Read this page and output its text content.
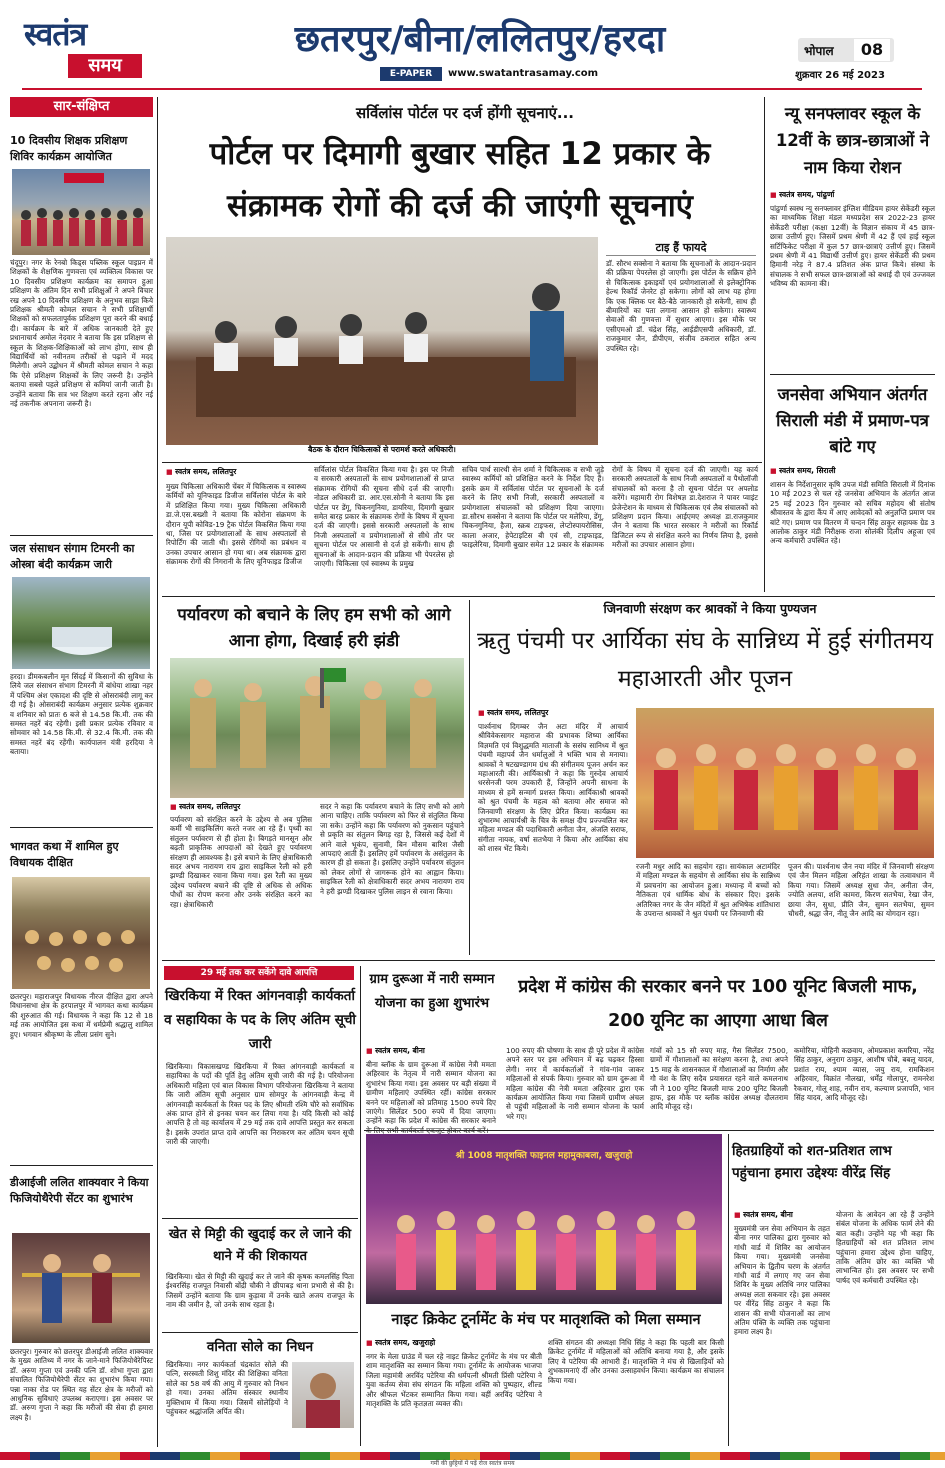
स्वतंत्र
समय
छतरपुर/बीना/ललितपुर/हरदा
E-PAPER	www.swatantrasamay.com
भोपाल	08
शुक्रवार 26 मई 2023
सार-संक्षिप्त
10 दिवसीय शिक्षक प्रशिक्षण शिविर कार्यक्रम आयोजित
चंदूपुर। नगर के रेनबो किड्स पब्लिक स्कूल पाइप्रन में शिक्षकों के शैक्षणिक गुणवत्ता एवं व्यक्तित्व विकास पर 10 दिवसीय प्रशिक्षण कार्यक्रम का समापन हुआ प्रशिक्षण के अंतिम दिन सभी प्रशिक्षुओं ने अपने विचार रख अपने 10 दिवसीय प्रशिक्षण के अनुभव साझा किये प्रशिक्षक श्रीमती कोमल सचान ने सभी प्रशिक्षार्थी शिक्षकों को सफलतापूर्वक प्रशिक्षण पूरा करने की बधाई दी। कार्यक्रम के बारे में अधिक जानकारी देते हुए प्रधानाचार्य अमोल नेदवार ने बताया कि इस प्रशिक्षण से स्कूल के शिक्षक-शिक्षिकाओं को लाभ होगा, साथ ही विद्यार्थियों को नवीनतम तरीकों से पढ़ाने में मदद मिलेगी। अपने उद्बोधन में श्रीमती कोमल सचान ने कहा कि ऐसे प्रशिक्षण शिक्षकों के लिए जरूरी है। उन्होंने बताया सबसे पहले प्रशिक्षण से कमियां जानी जाती है। उन्होंने बताया कि सत्र भर शिक्षण करते रहना और नई नई तकनीक अपनाना जरूरी है।
जल संसाधन संगाम टिमरनी का ओस्त्रा बंदी कार्यक्रम जारी
हरदा। डीमकबलीन मून सिंदई में किसानों की सुविधा के लिये जल संसाधन संभाग टिमरनी में बांधेया शाखा नहर में पश्चिम अंश एकादश की दृष्टि से ओसराबंदी लागू कर दी गई है। ओसराबंदी कार्यक्रम अनुसार प्रत्येक शुक्रवार व शनिवार को प्रातः 6 बजे से 14.58 कि.मी. तक की समस्त नहरें बंद रहेगी। इसी प्रकार प्रत्येक रविवार व सोमवार को 14.58 कि.मी. से 32.4 कि.मी. तक की समस्त नहरें बंद रहेंगी। कार्यपालन यंत्री हरदिया ने बताया।
भागवत कथा में शामिल हुए विधायक दीक्षित
छतरपुर। महाराजपुर विधायक नीरज दीक्षित द्वारा अपने विधानसभा क्षेत्र के हरपालपुर में भागवत कथा कार्यक्रम की शुरुआत की गई। विधायक ने कहा कि 12 से 18 मई तक आयोजित इस कथा में धर्मप्रेमी श्रद्धालु शामिल हुए। भगवान श्रीकृष्ण के लीला प्रसंग सुने।
डीआईजी ललित शाक्यवार ने किया फिजियोथैरेपी सेंटर का शुभारंभ
छतरपुर। गुरुवार को छतरपुर डीआईजी ललित शाक्यवार के मुख्य आतिथ्य में नगर के जाने-माने फिजियोथैरेपिस्ट डॉ. अरुण गुप्ता एवं उनकी पत्नि डॉ. शोभा गुप्ता द्वारा संचालित फिजियोथैरेपी सेंटर का शुभारंभ किया गया। पन्ना नाका रोड पर स्थित यह सेंटर क्षेत्र के मरीजों को आधुनिक सुविधाएं उपलब्ध कराएगा। इस अवसर पर डॉ. अरुण गुप्ता ने कहा कि मरीजों की सेवा ही हमारा लक्ष्य है।
सर्विलांस पोर्टल पर दर्ज होंगी सूचनाएं...
पोर्टल पर दिमागी बुखार सहित 12 प्रकार के संक्रामक रोगों की दर्ज की जाएंगी सूचनाएं
बैठक के दौरान चिकित्सकों से परामर्श करते अधिकारी।
टाइ हैं फायदे
डॉ. सौरभ सक्सेना ने बताया कि सूचनाओं के आदान-प्रदान की प्रक्रिया पेपरलेस हो जाएगी। इस पोर्टल के सक्रिय होने से चिकित्सक इकाइयों एवं प्रयोगशालाओं से इलेक्ट्रोनिक हेल्थ रिकॉर्ड जेनरेट हो सकेगा। लोगों को लाभ यह होगा कि एक क्लिक पर बैठे-बैठे जानकारी हो सकेगी, साथ ही बीमारियों का पता लगाना आसान हो सकेगा। स्वास्थ्य सेवाओं की गुणवत्ता में सुधार आएगा। इस मौके पर एसीएमओ डॉ. चंद्रेश सिंह, आईडीएसपी अधिकारी, डॉ. राजकुमार जैन, डीपीएम, संजीव ठकराल सहित अन्य उपस्थित रहे।
■ स्वतंत्र समय, ललितपुर
मुख्य चिकित्सा अधिकारी चेंबर में चिकित्सक व स्वास्थ्य कर्मियों को यूनिफाइड डिजीज सर्विलांस पोर्टल के बारे में प्रशिक्षित किया गया। मुख्य चिकित्सा अधिकारी डा.जे.एस.बख्शी ने बताया कि कोरोना संक्रमण के दौरान यूपी कोविड-19 ट्रैक पोर्टल विकसित किया गया था, जिस पर प्रयोगशालाओं के साथ अस्पतालों से रिपोर्टिंग की जाती थी। इससे रोगियों का प्रबंधन व उनका उपचार आसान हो गया था। अब संक्रामक द्वारा संक्रामक रोगों की निगरानी के लिए यूनिफाइड डिजीज
सर्विलांस पोर्टल विकसित किया गया है। इस पर निजी व सरकारी अस्पतालों के साथ प्रयोगशालाओं से प्राप्त संक्रामक रोगियों की सूचना सीधे दर्ज की जाएगी। नोडल अधिकारी डा. आर.एस.सोनी ने बताया कि इस पोर्टल पर डेंगू, चिकनगुनिया, डायरिया, दिमागी बुखार समेत बारह प्रकार के संक्रामक रोगों के बिषय में सूचना दर्ज की जाएगी। इससे सरकारी अस्पतालों के साथ निजी अस्पतालों व प्रयोगशालाओं से सीधे तौर पर सूचना पोर्टल पर आसानी से दर्ज हो सकेंगी। साथ ही सूचनाओं के आदान-प्रदान की प्रक्रिया भी पेपरलेस हो जाएगी। चिकित्सा एवं स्वास्थ्य के प्रमुख
सचिव पार्थ सारथी सेन शर्मा ने चिकित्सक व सभी जुड़े स्वास्थ्य कर्मियों को प्रशिक्षित करने के निर्देश दिए हैं। इसके क्रम में सर्विलांस पोर्टल पर सूचनाओं के दर्ज करने के लिए सभी निजी, सरकारी अस्पतालों व प्रयोगशाला संचालकों को प्रशिक्षण दिया जाएगा। डा.सौरभ सक्सेना ने बताया कि पोर्टल पर मलेरिया, डेंगू, चिकनगुनिया, हैजा, स्क्रब टाइफस, लेप्टोस्पायरोसिस, काला अजार, हेपेटाइटिस बी एवं सी, टाइफाइड, फाइलेरिया, दिमागी बुखार समेत 12 प्रकार के संक्रामक
रोगों के विषय में सूचना दर्ज की जाएगी। यह कार्य सरकारी अस्पतालों के साथ निजी अस्पतालों व पैथोलॉजी संचालकों को करना है तो सूचना पोर्टल पर अपलोड करेंगे। महामारी रोग विशेषज्ञ डा.देशराज ने पावर प्वाइंट प्रेजेन्टेशन के माध्यम से चिकित्सक एवं लैब संचालकों को प्रशिक्षण प्रदान किया। आईएमए अध्यक्ष डा.राजकुमार जैन ने बताया कि भारत सरकार ने मरीजों का रिकॉर्ड डिजिटल रूप से संरक्षित करने का निर्णय लिया है, इससे मरीजों का उपचार आसान होगा।
न्यू सनफ्लावर स्कूल के 12वीं के छात्र-छात्राओं ने नाम किया रोशन
■ स्वतंत्र समय, पांढुर्णा
पांढुर्णा स्वस्थ न्यू सनफ्लावर इंग्लिश मीडियम हायर सेकेंडरी स्कूल का माध्यमिक शिक्षा मंडल मध्यप्रदेश सत्र 2022-23 हायर सेकेंडरी परीक्षा (कक्षा 12वीं) के विज्ञान संकाय में 45 छात्र-छात्रा उत्तीर्ण हुए। जिसमें प्रथम श्रेणी में 42 हैं एवं हाई स्कूल सर्टिफिकेट परीक्षा में कुल 57 छात्र-छात्राएं उत्तीर्ण हुए। जिसमें प्रथम श्रेणी में 41 विद्यार्थी उत्तीर्ण हुए। हायर सेकेंडरी की प्रथम हिमानी नरेड़ ने 87.4 प्रतिशत अंक प्राप्त किये। संस्था के संचालक ने सभी सफल छात्र-छात्राओं को बधाई दी एवं उज्जवल भविष्य की कामना की।
जनसेवा अभियान अंतर्गत सिराली मंडी में प्रमाण-पत्र बांटे गए
■ स्वतंत्र समय, सिराली
शासन के निर्देशानुसार कृषि उपज मंडी समिति सिराली में दिनांक 10 मई 2023 से चल रहे जनसेवा अभियान के अंतर्गत आज 25 मई 2023 दिन गुरुवार को सचिव महोदय श्री संतोष श्रीवास्तव के द्वारा कैंप में आए आवेदकों को अनुज्ञप्ति प्रमाण पत्र बांटे गए। प्रमाण पत्र वितरण में चन्दन सिंह ठाकुर सहायक ग्रेड 3 आलोक ठाकुर मंडी निरीक्षक राजा सोलंकी दिलीप अहूजा एवं अन्य कर्मचारी उपस्थित रहे।
पर्यावरण को बचाने के लिए हम सभी को आगे आना होगा, दिखाई हरी झंडी
■ स्वतंत्र समय, ललितपुर
पर्यावरण को संरक्षित करने के उद्देश्य से अब पुलिस कर्मी भी साइकिलिंग करते नजर आ रहे हैं। पृथ्वी का संतुलन पर्यावरण से ही होता है। बिगड़ते मानसून और बढ़ती प्राकृतिक आपदाओं को देखते हुए पर्यावरण संरक्षण ही आवश्यक है। इसे बचाने के लिए क्षेत्राधिकारी सदर अभय नारायण राय द्वारा साइकिल रैली को हरी झण्डी दिखाकर रवाना किया गया। इस रैली का मुख्य उद्देश्य पर्यावरण बचाने की दृष्टि से अधिक से अधिक पौधों का रोपण करना और उनके संरक्षित करने का रहा। क्षेत्राधिकारी
सदर ने कहा कि पर्यावरण बचाने के लिए सभी को आगे आना चाहिए। ताकि पर्यावरण को फिर से संतुलित किया जा सके। उन्होंने कहा कि पर्यावरण को नुकसान पहुंचाने से प्रकृति का संतुलन बिगड़ रहा है, जिससे कई देशों में आने वाले भूकंप, सुनामी, बिन मौसम बारिश जैसी आपदाएं आती हैं। इसलिए हमें पर्यावरण के असंतुलन के कारण ही हो सकता है। इसलिए उन्होंने पर्यावरण संतुलन को लेकर लोगों से जागरूक होने का आह्वान किया। साइकिल रैली को क्षेत्राधिकारी सदर अभय नारायण राय ने हरी झण्डी दिखाकर पुलिस लाइन से रवाना किया।
जिनवाणी संरक्षण कर श्रावकों ने किया पुण्यजन
ऋतु पंचमी पर आर्यिका संघ के सान्निध्य में हुई संगीतमय महाआरती और पूजन
■ स्वतंत्र समय, ललितपुर
पार्श्वनाथ दिगम्बर जैन अटा मंदिर में आचार्य श्रीविवेकसागर महाराज की प्रभावक शिष्या आर्यिका विज्ञमति एवं विशुद्धमति माताजी के ससंघ सानिध्य में श्रुत पंचमी महापर्व जैन धर्मालुओं ने भक्ति भाव से मनाया। श्रावकों ने षटखण्डागम ग्रंथ की संगीतमय पूजन अर्चन कर महाआरती की। आर्यिकाश्री ने कहा कि गुरुदेव आचार्य धरसेनजी परम उपकारी हैं, जिन्होंने अपनी साधना के माध्यम से हमें सन्मार्ग प्रशस्त किया। आर्यिकाश्री श्रावकों को श्रुत पंचमी के महत्व को बताया और समाज को जिनवाणी संरक्षण के लिए प्रेरित किया। कार्यक्रम का शुभारम्भ आचार्यश्री के चित्र के समक्ष दीप प्रज्ज्वलित कर महिला मण्डल की पदाधिकारी अनीता जैन, अंजलि सराफ, संगीता नायक, वर्षा सतभैया ने किया और आर्यिका संघ को शास्त्र भेंट किये।
रजनी मधुर आदि का सहयोग रहा। सायंकाल अटामंदिर में महिला मण्डल के सहयोग से आर्यिका संघ के सान्निध्य में प्रवचनांग का आयोजन हुआ। मध्यान्ह में बच्चों को नैतिकता एवं धार्मिक बोध के संस्कार दिए। इसके अतिरिक्त नगर के जैन मंदिरों में श्रुत अभिषेक शांतिधारा के उपरान्त श्रावकों ने श्रुत पंचमी पर जिनवाणी की
पूजन की। पार्श्वनाथ जैन नया मंदिर में जिनवाणी संरक्षण एवं जैन मिलन महिला अरिहंत शाखा के तत्वावधान में किया गया। जिसमें अध्यक्ष सुधा जैन, अनीता जैन, ज्योति अलया, शशि कामरा, किरण सतभैया, रेखा जैन, छाया जैन, सुधा, प्रीति जैन, सुमन सतभैया, सुमन चौधरी, श्रद्धा जैन, नीतू जैन आदि का योगदान रहा।
29 मई तक कर सकेंगे दावे आपत्ति
खिरकिया में रिक्त आंगनवाड़ी कार्यकर्ता व सहायिका के पद के लिए अंतिम सूची जारी
खिरकिया। विकासखण्ड खिरकिया में रिक्त आंगनवाड़ी कार्यकर्ता व सहायिका के पदों की पूर्ति हेतु अंतिम सूची जारी की गई है। परियोजना अधिकारी महिला एवं बाल विकास विभाग परियोजना खिरकिया ने बताया कि जारी अंतिम सूची अनुसार ग्राम सोमपुर के आंगनवाड़ी केन्द्र में आंगनवाड़ी कार्यकर्ता के रिक्त पद के लिए श्रीमती रश्मि चौरे को सर्वाधिक अंक प्राप्त होने से इनका चयन कर लिया गया है। यदि किसी को कोई आपत्ति है तो वह कार्यालय में 29 मई तक दावे आपत्ति प्रस्तुत कर सकता है। इसके उपरांत प्राप्त दावे आपत्ति का निराकरण कर अंतिम चयन सूची जारी की जाएगी।
खेत से मिट्टी की खुदाई कर ले जाने की थाने में की शिकायत
खिरकिया। खेत से मिट्टी की खुदाई कर ले जाने की कृषक कमलसिंह पिता ईश्वरसिंह राजपूत निवासी बोंद्री चौकी ने छीपाबड़ थाना प्रभारी से की है। जिसमें उन्होंने बताया कि ग्राम कुड़ावा में उनके खाते अजय राजपूत के नाम की जमीन है, जो उनके साथ रहता है।
वनिता सोले का निधन
खिरकिया। नगर कार्यकर्ता चंद्रकांत सोले की पत्नि, सरस्वती शिशु मंदिर की शिक्षिका वनिता सोले का 58 वर्ष की आयु में गुरुवार को निधन हो गया। उनका अंतिम संस्कार स्थानीय मुक्तिधाम में किया गया। जिसमें सोलेड़ियों ने पहुंचकर श्रद्धांजलि अर्पित की।
ग्राम दुरूआ में नारी सम्मान योजना का हुआ शुभारंभ
■ स्वतंत्र समय, बीना
बीना ब्लॉक के ग्राम दुरूआ में कांग्रेस नेत्री ममता अहिरवार के नेतृत्व में नारी सम्मान योजना का शुभारंभ किया गया। इस अवसर पर बड़ी संख्या में ग्रामीण महिलाएं उपस्थित रहीं। कांग्रेस सरकार बनने पर महिलाओं को प्रतिमाह 1500 रुपये दिए जाएंगे। सिलेंडर 500 रुपये में दिया जाएगा। उन्होंने कहा कि प्रदेश में कांग्रेस की सरकार बनाने
प्रदेश में कांग्रेस की सरकार बनने पर 100 यूनिट बिजली माफ, 200 यूनिट का आएगा आधा बिल
100 रुपए की घोषणा के साथ ही पूरे प्रदेश में कांग्रेस अपने स्तर पर इस अभियान में बढ़ चढ़कर हिस्सा लेगी। नगर में कार्यकर्ताओं ने गांव-गांव जाकर महिलाओं से संपर्क किया। गुरुवार को ग्राम दुरूआ में महिला कांग्रेस की नेत्री ममता अहिरवार द्वारा एक कार्यक्रम आयोजित किया गया जिसमें ग्रामीण अंचल से पहुंची महिलाओं के नारी सम्मान योजना के फार्म भरे गए।
गांवों को 15 सौ रुपए माह, गैस सिलेंडर 7500, ग्रामों में गौशालाओं का सरंक्षण करना है, तथा अपने 15 माह के शासनकाल में गौशालाओं का निर्माण और गौ वंश के लिए सदैव प्रयासरत रहने वाले कमलनाथ जी ने 100 यूनिट बिजली माफ 200 यूनिट बिजली हाफ, इस मौके पर ब्लॉक कांग्रेस अध्यक्ष दौलतराम आदि मौजूद रहे।
कमोरिया, मोहिनी कछवाय, ओमप्रकाश कमरिया, नरेंद्र सिंह ठाकुर, अनुराग ठाकुर, आशीष चौबे, बबलू यादव, प्रशांत राय, श्याम व्यास, जयु राय, रामकिशन अहिरवार, विक्रांत नौलखा, धर्मेंद्र गोलापुर, रामनरेश रैकवार, गोलू शाह, नवीन राय, कल्याण प्रजापति, भान सिंह यादव, आदि मौजूद रहे।
श्री 1008 मातृशक्ति फाइनल महामुकाबला, खजुराहो
नाइट क्रिकेट टूर्नामेंट के मंच पर मातृशक्ति को मिला सम्मान
■ स्वतंत्र समय, खजुराहो
नगर के मेला ग्राउंड में चल रहे नाइट क्रिकेट टूर्नामेंट के मंच पर बीती शाम मातृशक्ति का सम्मान किया गया। टूर्नामेंट के आयोजक भाजपा जिला महामंत्री अरविंद पटेरिया की धर्मपत्नी श्रीमती प्रिंसी पटेरिया ने युवा कर्तव्य सेवा संघ संगठन कि महिला शक्ति को पुष्पहार, शील्ड और श्रीफल भेंटकर सम्मानित किया गया। बहीं अरविंद पटेरिया ने मातृशक्ति के प्रति कृतज्ञता व्यक्त की।
शक्ति संगठन की अध्यक्षा निधि सिंह ने कहा कि पहली बार किसी क्रिकेट टूर्नामेंट में महिलाओं को अतिथि बनाया गया है, और इसके लिए वे पटेरिया की आभारी हैं। मातृशक्ति ने मंच से खिलाड़ियों को शुभकामनाएं दीं और उनका उत्साहवर्धन किया। कार्यक्रम का संचालन किया गया।
हितग्राहियों को शत-प्रतिशत लाभ पहुंचाना हमारा उद्देश्यः वीरेंद्र सिंह
■ स्वतंत्र समय, बीना
मुख्यमंत्री जन सेवा अभियान के तहत बीना नगर पालिका द्वारा गुरुवार को गांधी वार्ड में शिविर का आयोजन किया गया। मुख्यमंत्री जनसेवा अभियान के द्वितीय चरण के अंतर्गत गांधी वार्ड में लगाए गए जन सेवा शिविर के मुख्य अतिथि नगर पालिका अध्यक्ष लता सकवार रहे। इस अवसर पर वीरेंद्र सिंह ठाकुर ने कहा कि शासन की सभी योजनाओं का लाभ अंतिम पंक्ति के व्यक्ति तक पहुंचाना हमारा लक्ष्य है।
योजना के आवेदन आ रहे हैं उन्होंने संबंल योजना के अधिक फार्म लेने की बात कही। उन्होंने यह भी कहा कि हितग्राहियों को शत प्रतिशत लाभ पहुंचाना हमारा उद्देश्य होना चाहिए, ताकि अंतिम छोर का व्यक्ति भी लाभान्वित हो। इस अवसर पर सभी पार्षद एवं कर्मचारी उपस्थित रहे।
गर्मी की छुट्टियों में पढ़ें रोज स्वतंत्र समय
